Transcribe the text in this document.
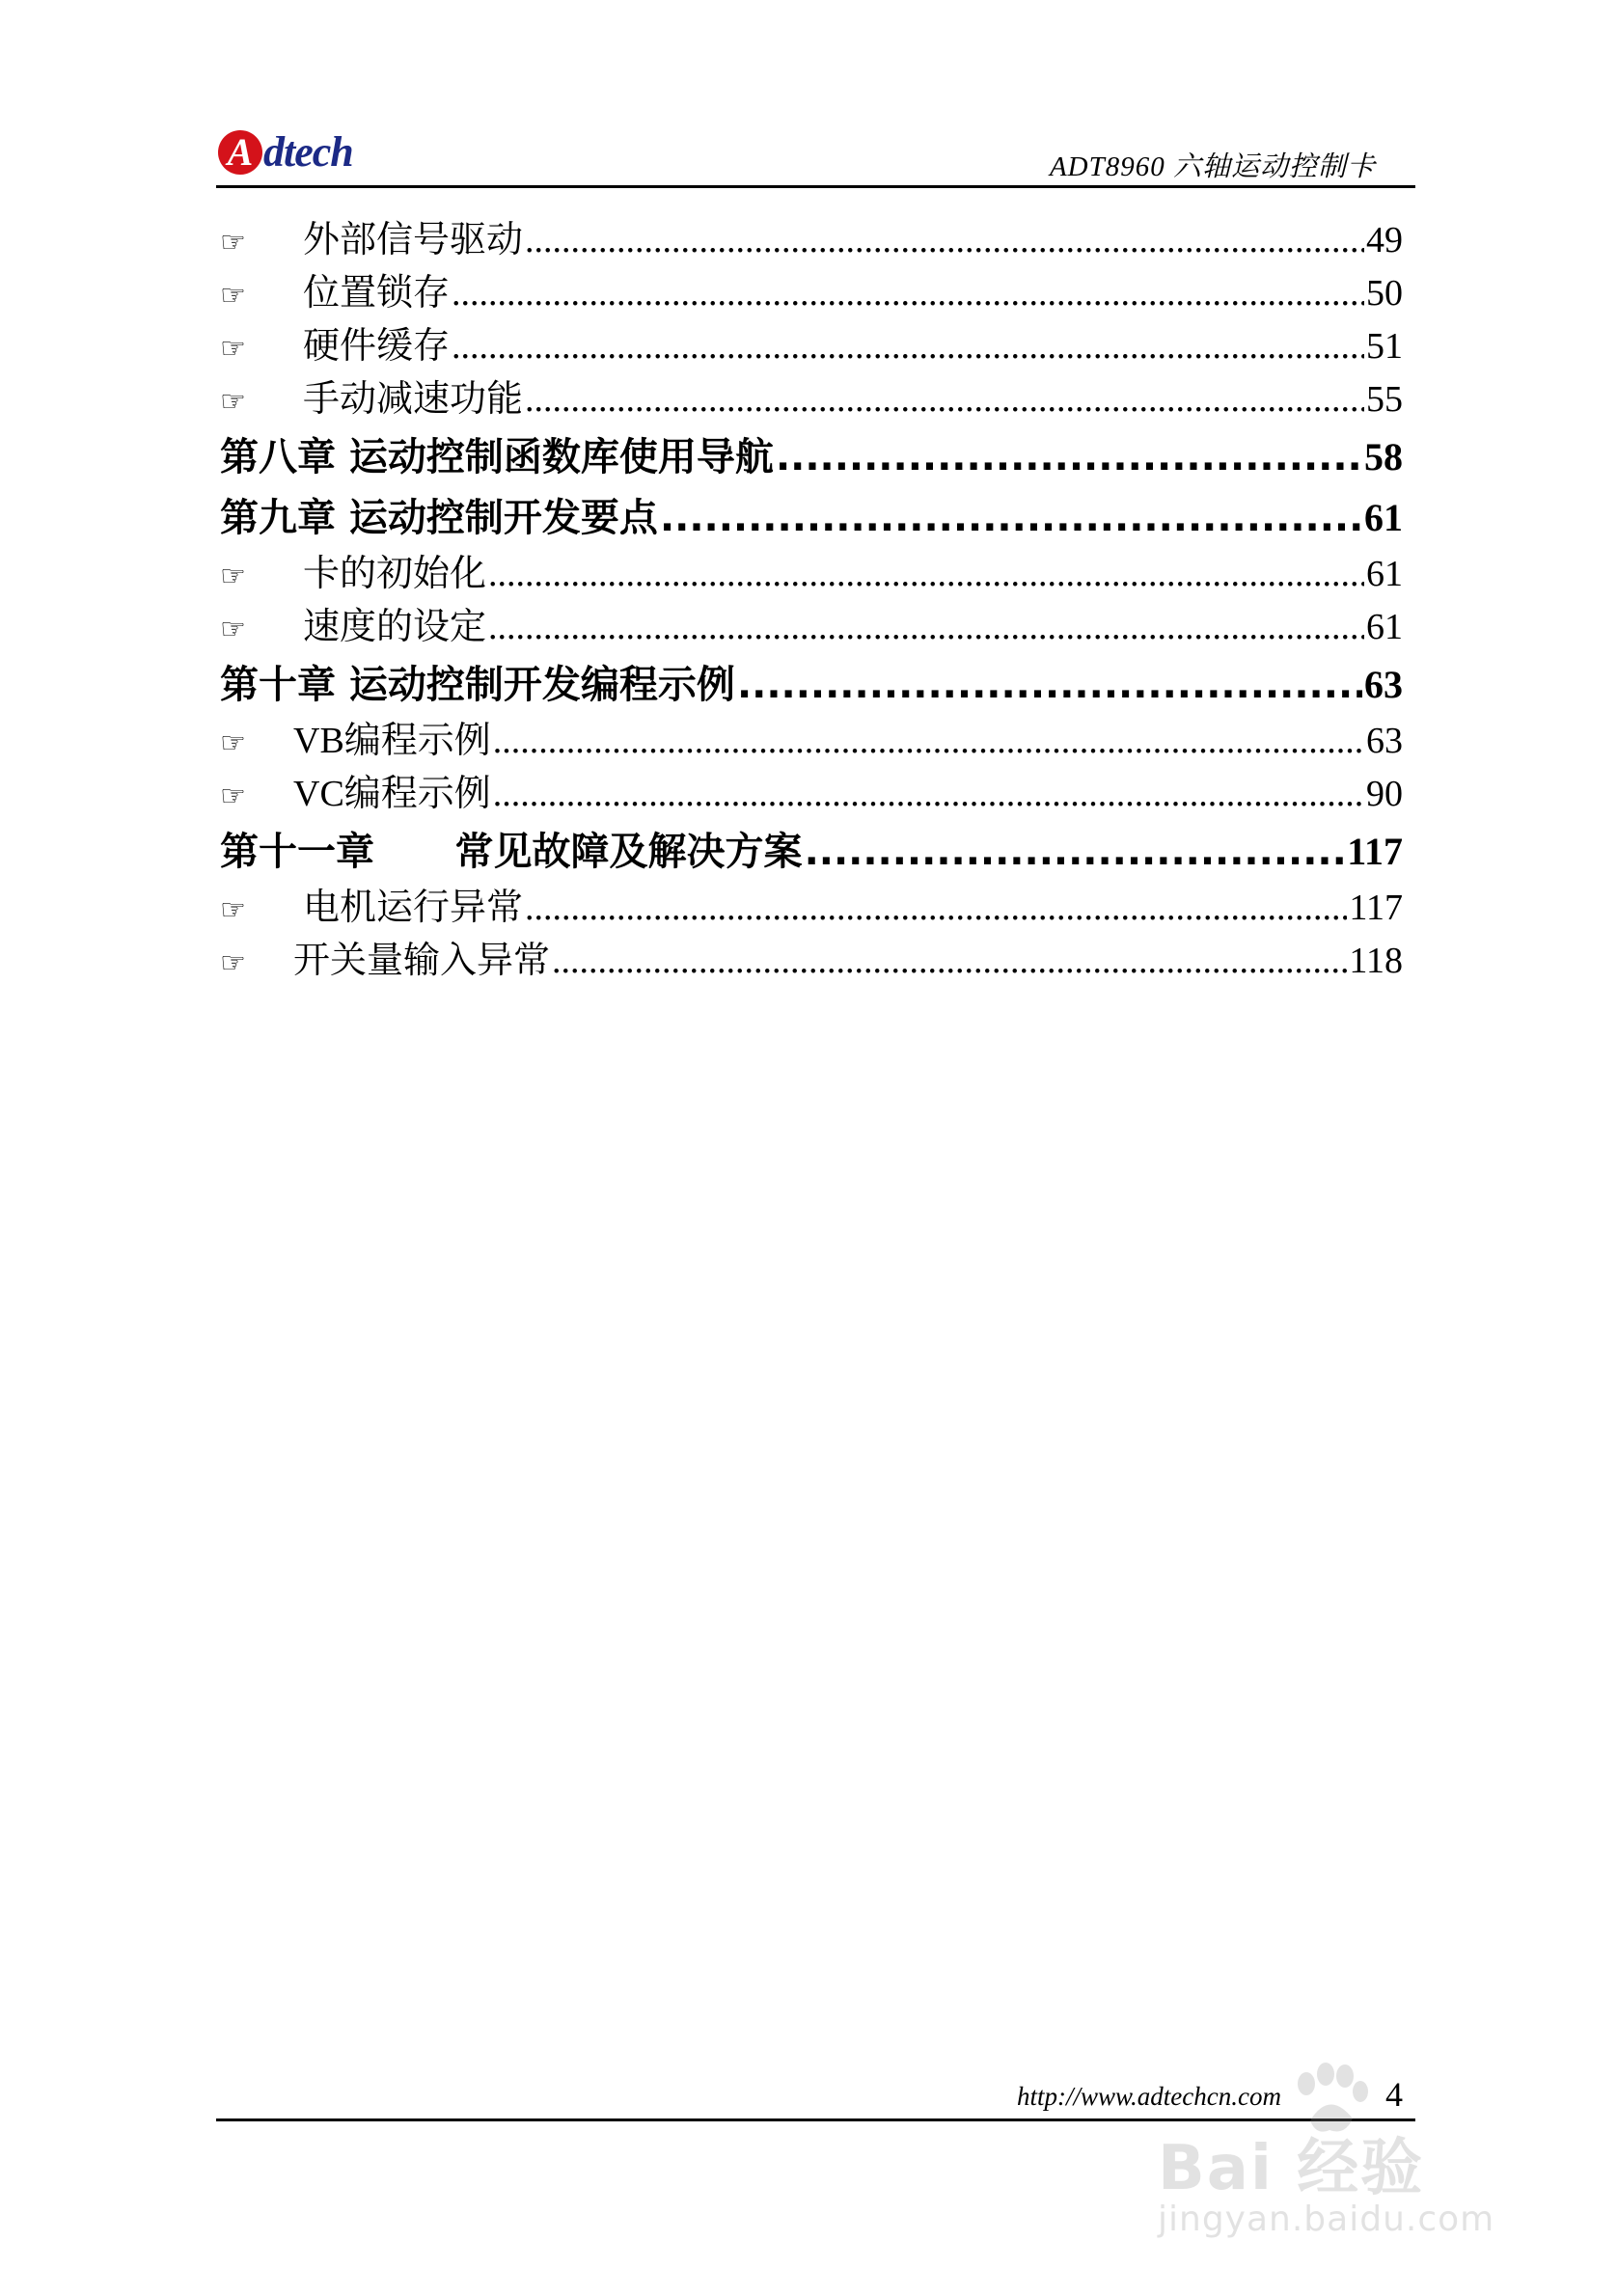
A dtech	ADT8960 六轴运动控制卡
☞	外部信号驱动 .....	49
☞	位置锁存 .....	50
☞	硬件缓存 .....	51
☞	手动减速功能 .....	55
第八章 运动控制函数库使用导航 .....	58
第九章 运动控制开发要点 .....	61
☞	卡的初始化 .....	61
☞	速度的设定 .....	61
第十章 运动控制开发编程示例 .....	63
☞	VB编程示例 .....	63
☞	VC编程示例 .....	90
第十一章      常见故障及解决方案 .....	117
☞	电机运行异常 .....	117
☞	开关量输入异常 .....	118
http://www.adtechcn.com	4
Bai 经验
jingyan.baidu.com
